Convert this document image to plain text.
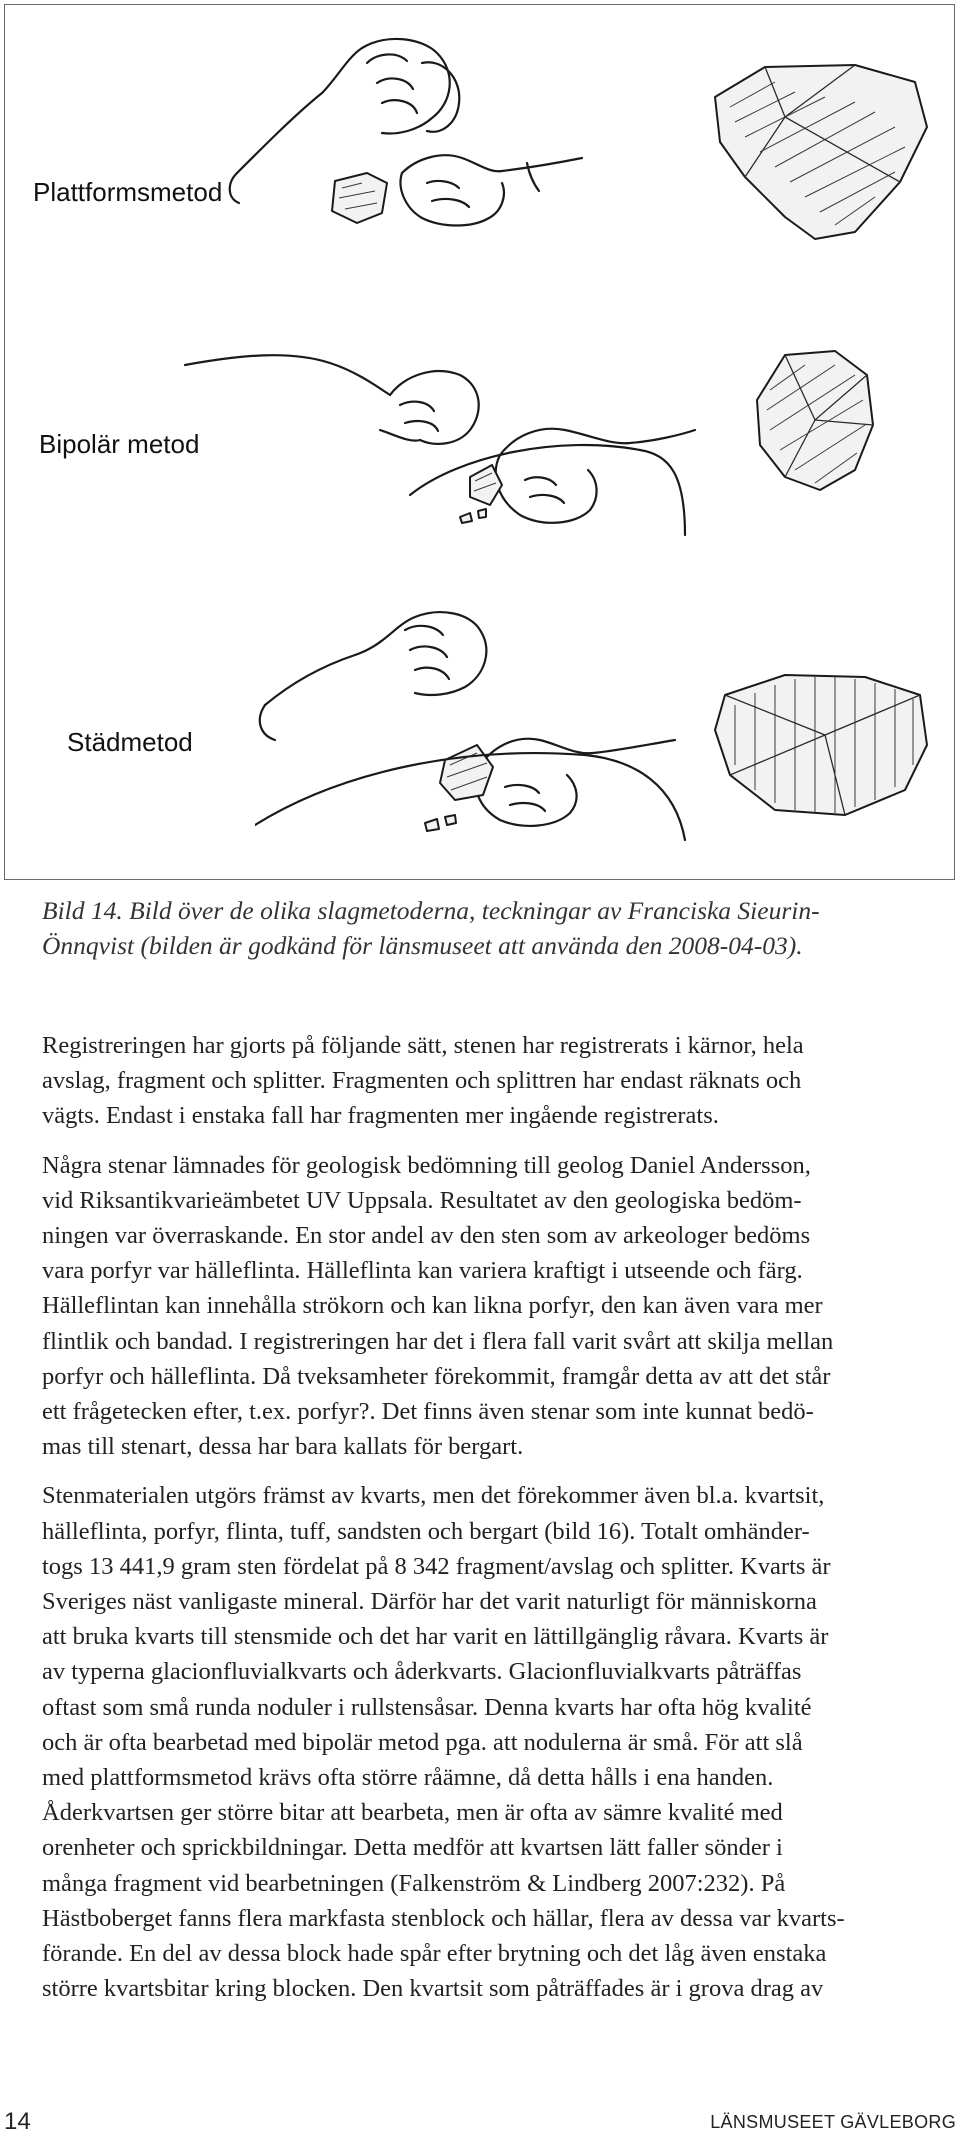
Plattformsmetod
Bipolär metod
Städmetod
Bild 14. Bild över de olika slagmetoderna, teckningar av Franciska Sieurin-
Önnqvist (bilden är godkänd för länsmuseet att använda den 2008-04-03).

Registreringen har gjorts på följande sätt, stenen har registrerats i kärnor, hela
avslag, fragment och splitter. Fragmenten och splittren har endast räknats och
vägts. Endast i enstaka fall har fragmenten mer ingående registrerats.

Några stenar lämnades för geologisk bedömning till geolog Daniel Andersson,
vid Riksantikvarieämbetet UV Uppsala. Resultatet av den geologiska bedöm-
ningen var överraskande. En stor andel av den sten som av arkeologer bedöms
vara porfyr var hälleflinta. Hälleflinta kan variera kraftigt i utseende och färg.
Hälleflintan kan innehålla strökorn och kan likna porfyr, den kan även vara mer
flintlik och bandad. I registreringen har det i flera fall varit svårt att skilja mellan
porfyr och hälleflinta. Då tveksamheter förekommit, framgår detta av att det står
ett frågetecken efter, t.ex. porfyr?. Det finns även stenar som inte kunnat bedö-
mas till stenart, dessa har bara kallats för bergart.

Stenmaterialen utgörs främst av kvarts, men det förekommer även bl.a. kvartsit,
hälleflinta, porfyr, flinta, tuff, sandsten och bergart (bild 16). Totalt omhänder-
togs 13 441,9 gram sten fördelat på 8 342 fragment/avslag och splitter. Kvarts är
Sveriges näst vanligaste mineral. Därför har det varit naturligt för människorna
att bruka kvarts till stensmide och det har varit en lättillgänglig råvara. Kvarts är
av typerna glacionfluvialkvarts och åderkvarts. Glacionfluvialkvarts påträffas
oftast som små runda noduler i rullstensåsar. Denna kvarts har ofta hög kvalité
och är ofta bearbetad med bipolär metod pga. att nodulerna är små. För att slå
med plattformsmetod krävs ofta större råämne, då detta hålls i ena handen.
Åderkvartsen ger större bitar att bearbeta, men är ofta av sämre kvalité med
orenheter och sprickbildningar. Detta medför att kvartsen lätt faller sönder i
många fragment vid bearbetningen (Falkenström & Lindberg 2007:232). På
Hästboberget fanns flera markfasta stenblock och hällar, flera av dessa var kvarts-
förande. En del av dessa block hade spår efter brytning och det låg även enstaka
större kvartsbitar kring blocken. Den kvartsit som påträffades är i grova drag av

14	LÄNSMUSEET GÄVLEBORG
